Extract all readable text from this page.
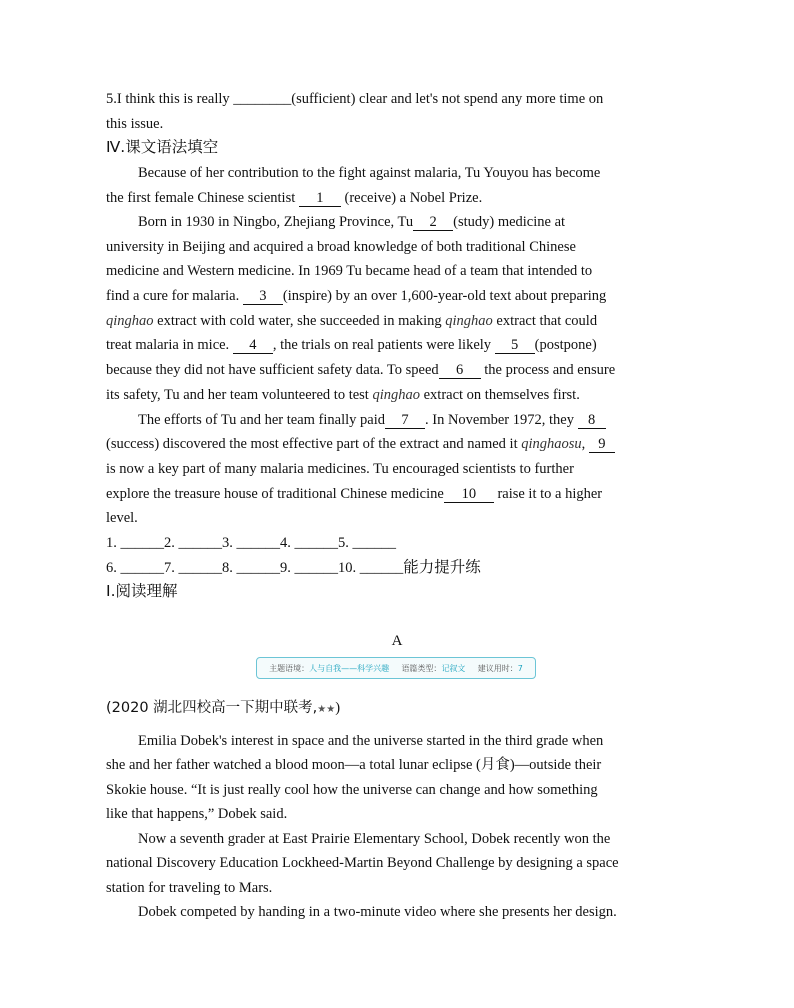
5.I think this is really ________(sufficient) clear and let's not spend any more time on
this issue.
Ⅳ.课文语法填空
Because of her contribution to the fight against malaria, Tu Youyou has become
the first female Chinese scientist 1 (receive) a Nobel Prize.
Born in 1930 in Ningbo, Zhejiang Province, Tu 2 (study) medicine at
university in Beijing and acquired a broad knowledge of both traditional Chinese
medicine and Western medicine. In 1969 Tu became head of a team that intended to
find a cure for malaria. 3 (inspire) by an over 1,600-year-old text about preparing
qinghao extract with cold water, she succeeded in making qinghao extract that could
treat malaria in mice. 4 , the trials on real patients were likely 5 (postpone)
because they did not have sufficient safety data. To speed 6 the process and ensure
its safety, Tu and her team volunteered to test qinghao extract on themselves first.
The efforts of Tu and her team finally paid 7 . In November 1972, they 8
(success) discovered the most effective part of the extract and named it qinghaosu, 9
is now a key part of many malaria medicines. Tu encouraged scientists to further
explore the treasure house of traditional Chinese medicine 10 raise it to a higher
level.
1. ______2. ______3. ______4. ______5. ______
6. ______7. ______8. ______9. ______10. ______能力提升练
Ⅰ.阅读理解
A
主题语境：人与自我——科学兴趣 语篇类型：记叙文 建议用时：7
(2020 湖北四校高一下期中联考,★★)
Emilia Dobek's interest in space and the universe started in the third grade when
she and her father watched a blood moon—a total lunar eclipse (月食)—outside their
Skokie house. “It is just really cool how the universe can change and how something
like that happens,” Dobek said.
Now a seventh grader at East Prairie Elementary School, Dobek recently won the
national Discovery Education Lockheed-Martin Beyond Challenge by designing a space
station for traveling to Mars.
Dobek competed by handing in a two-minute video where she presents her design.
